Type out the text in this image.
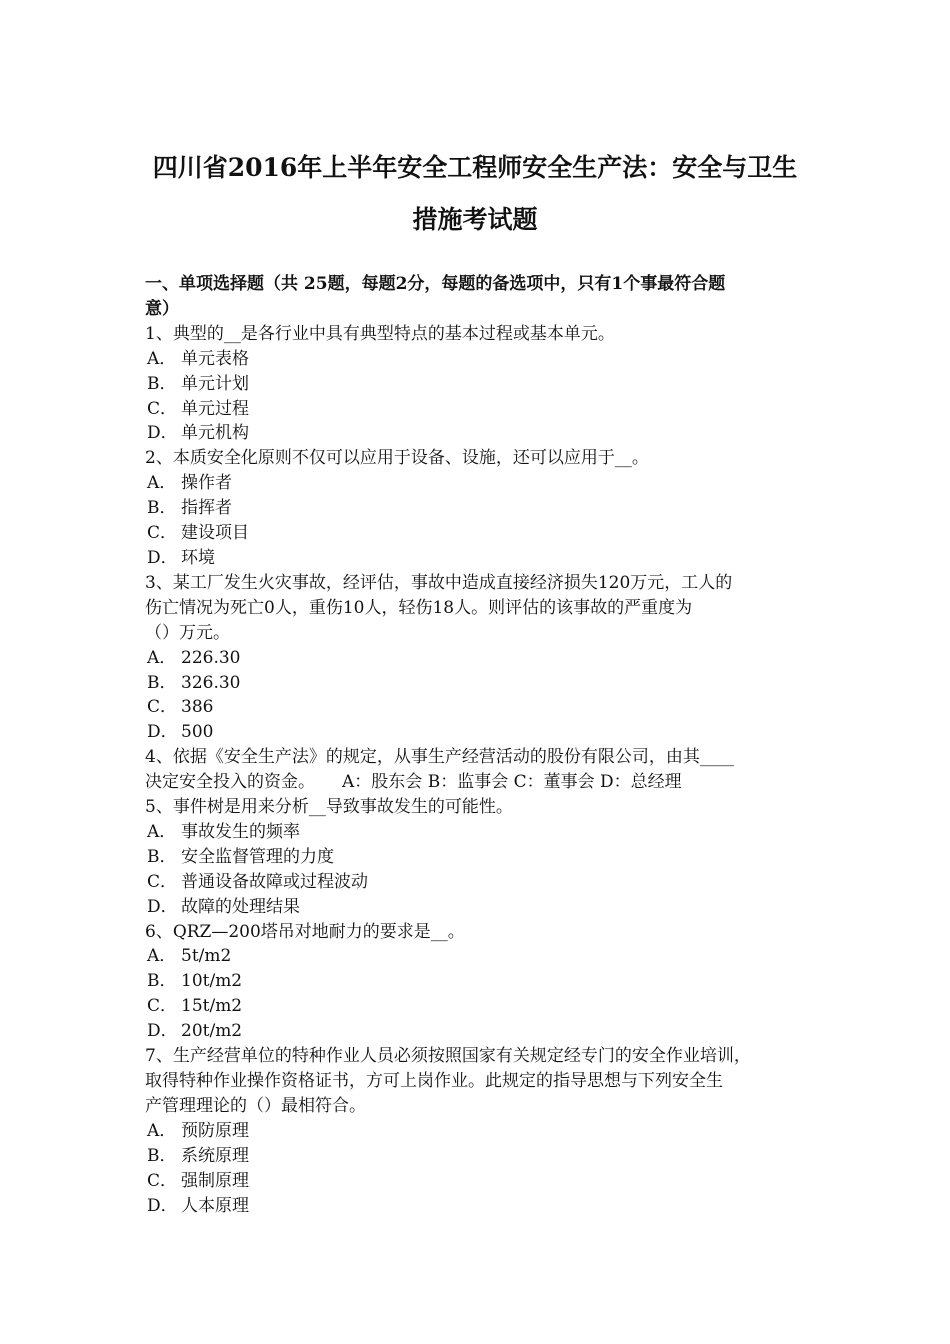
四川省2016年上半年安全工程师安全生产法：安全与卫生
措施考试题

一、单项选择题（共 25题，每题2分，每题的备选项中，只有1个事最符合题

意）

1、典型的__是各行业中具有典型特点的基本过程或基本单元。

A． 单元表格

B． 单元计划

C． 单元过程

D． 单元机构

2、本质安全化原则不仅可以应用于设备、设施，还可以应用于__。

A． 操作者

B． 指挥者

C． 建设项目

D． 环境

3、某工厂发生火灾事故，经评估，事故中造成直接经济损失120万元，工人的

伤亡情况为死亡0人，重伤10人，轻伤18人。则评估的该事故的严重度为

（）万元。

A． 226.30

B． 326.30

C． 386

D． 500

4、依据《安全生产法》的规定，从事生产经营活动的股份有限公司，由其____

决定安全投入的资金。     A：股东会 B：监事会 C：董事会 D：总经理

5、事件树是用来分析__导致事故发生的可能性。

A． 事故发生的频率

B． 安全监督管理的力度

C． 普通设备故障或过程波动

D． 故障的处理结果

6、QRZ—200塔吊对地耐力的要求是__。

A． 5t/m2

B． 10t/m2

C． 15t/m2

D． 20t/m2

7、生产经营单位的特种作业人员必须按照国家有关规定经专门的安全作业培训，

取得特种作业操作资格证书，方可上岗作业。此规定的指导思想与下列安全生

产管理理论的（）最相符合。

A． 预防原理

B． 系统原理

C． 强制原理

D． 人本原理
